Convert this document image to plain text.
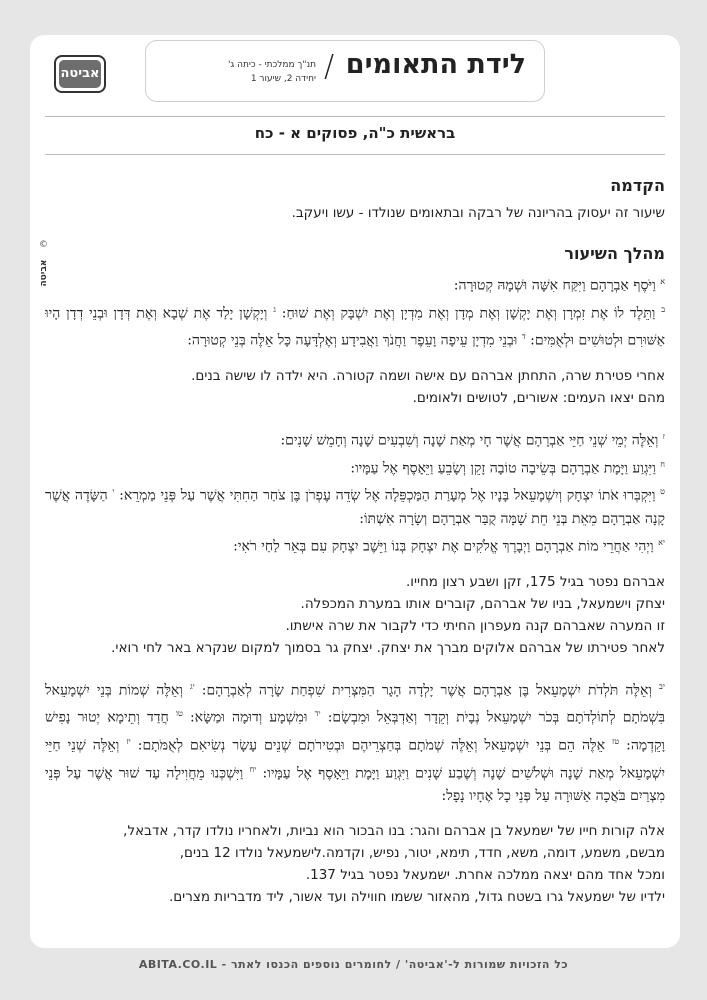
לידת התאומים
/
תנ"ך ממלכתי - כיתה ג'
יחידה 2, שיעור 1
אביטה
©
אביטה
בראשית כ"ה, פסוקים א - כח
הקדמה
שיעור זה יעסוק בהריונה של רבקה ובתאומים שנולדו - עשו ויעקב.
מהלך השיעור

$^א$ וַיֹּסֶף אַבְרָהָם וַיִּקַּח אִשָּׁה וּשְׁמָהּ קְטוּרָה:
$^ב$ וַתֵּלֶד לוֹ אֶת זִמְרָן וְאֶת יָקְשָׁן וְאֶת מְדָן וְאֶת מִדְיָן וְאֶת יִשְׁבָּק וְאֶת שׁוּחַ: $^ג$ וְיָקְשָׁן יָלַד אֶת שְׁבָא וְאֶת דְּדָן וּבְנֵי דְדָן הָיוּ אַשּׁוּרִם וּלְטוּשִׁים וּלְאֻמִּים: $^ד$ וּבְנֵי מִדְיָן עֵיפָה וָעֵפֶר וַחֲנֹךְ וַאֲבִידָע וְאֶלְדָּעָה כָּל אֵלֶּה בְּנֵי קְטוּרָה:

אחרי פטירת שרה, התחתן אברהם עם אישה ושמה קטורה. היא ילדה לו שישה בנים.

מהם יצאו העמים: אשורים, לטושים ולאומים.

$^ז$ וְאֵלֶּה יְמֵי שְׁנֵי חַיֵּי אַבְרָהָם אֲשֶׁר חָי מְאַת שָׁנָה וְשִׁבְעִים שָׁנָה וְחָמֵשׁ שָׁנִים:
$^ח$ וַיִּגְוַע וַיָּמָת אַבְרָהָם בְּשֵׂיבָה טוֹבָה זָקֵן וְשָׂבֵעַ וַיֵּאָסֶף אֶל עַמָּיו:
$^ט$ וַיִּקְבְּרוּ אֹתוֹ יִצְחָק וְיִשְׁמָעֵאל בָּנָיו אֶל מְעָרַת הַמַּכְפֵּלָה אֶל שְׂדֵה עֶפְרֹן בֶּן צֹחַר הַחִתִּי אֲשֶׁר עַל פְּנֵי מַמְרֵא: $^י$ הַשָּׂדֶה אֲשֶׁר קָנָה אַבְרָהָם מֵאֵת בְּנֵי חֵת שָׁמָּה קֻבַּר אַבְרָהָם וְשָׂרָה אִשְׁתּוֹ:
$^{יא}$ וַיְהִי אַחֲרֵי מוֹת אַבְרָהָם וַיְבָרֶךְ אֱלֹקִים אֶת יִצְחָק בְּנוֹ וַיֵּשֶׁב יִצְחָק עִם בְּאֵר לַחַי רֹאִי:

אברהם נפטר בגיל 175, זקן ושבע רצון מחייו.

יצחק וישמעאל, בניו של אברהם, קוברים אותו במערת המכפלה.

זו המערה שאברהם קנה מעפרון החיתי כדי לקבור את שרה אישתו.

לאחר פטירתו של אברהם אלוקים מברך את יצחק. יצחק גר בסמוך למקום שנקרא באר לחי רואי.

$^{יב}$ וְאֵלֶּה תֹּלְדֹת יִשְׁמָעֵאל בֶּן אַבְרָהָם אֲשֶׁר יָלְדָה הָגָר הַמִּצְרִית שִׁפְחַת שָׂרָה לְאַבְרָהָם: $^{יג}$ וְאֵלֶּה שְׁמוֹת בְּנֵי יִשְׁמָעֵאל בִּשְׁמֹתָם לְתוֹלְדֹתָם בְּכֹר יִשְׁמָעֵאל נְבָיֹת וְקֵדָר וְאַדְבְּאֵל וּמִבְשָׂם: $^{יד}$ וּמִשְׁמָע וְדוּמָה וּמַשָּׂא: $^{טו}$ חֲדַד וְתֵימָא יְטוּר נָפִישׁ וָקֵדְמָה: $^{טז}$ אֵלֶּה הֵם בְּנֵי יִשְׁמָעֵאל וְאֵלֶּה שְׁמֹתָם בְּחַצְרֵיהֶם וּבְטִירֹתָם שְׁנֵים עָשָׂר נְשִׂיאִם לְאֻמֹּתָם: $^{יז}$ וְאֵלֶּה שְׁנֵי חַיֵּי יִשְׁמָעֵאל מְאַת שָׁנָה וּשְׁלֹשִׁים שָׁנָה וְשֶׁבַע שָׁנִים וַיִּגְוַע וַיָּמָת וַיֵּאָסֶף אֶל עַמָּיו: $^{יח}$ וַיִּשְׁכְּנוּ מֵחֲוִילָה עַד שׁוּר אֲשֶׁר עַל פְּנֵי מִצְרַיִם בֹּאֲכָה אַשּׁוּרָה עַל פְּנֵי כָל אֶחָיו נָפָל:

אלה קורות חייו של ישמעאל בן אברהם והגר: בנו הבכור הוא נביות, ולאחריו נולדו קדר, אדבאל,

מבשם, משמע, דומה, משא, חדד, תימא, יטור, נפיש, וקדמה.לישמעאל נולדו 12 בנים,

ומכל אחד מהם יצאה ממלכה אחרת. ישמעאל נפטר בגיל 137.

ילדיו של ישמעאל גרו בשטח גדול, מהאזור ששמו חווילה ועד אשור, ליד מדבריות מצרים.

כל הזכויות שמורות ל-'אביטה' / לחומרים נוספים הכנסו לאתר - ABITA.CO.IL
